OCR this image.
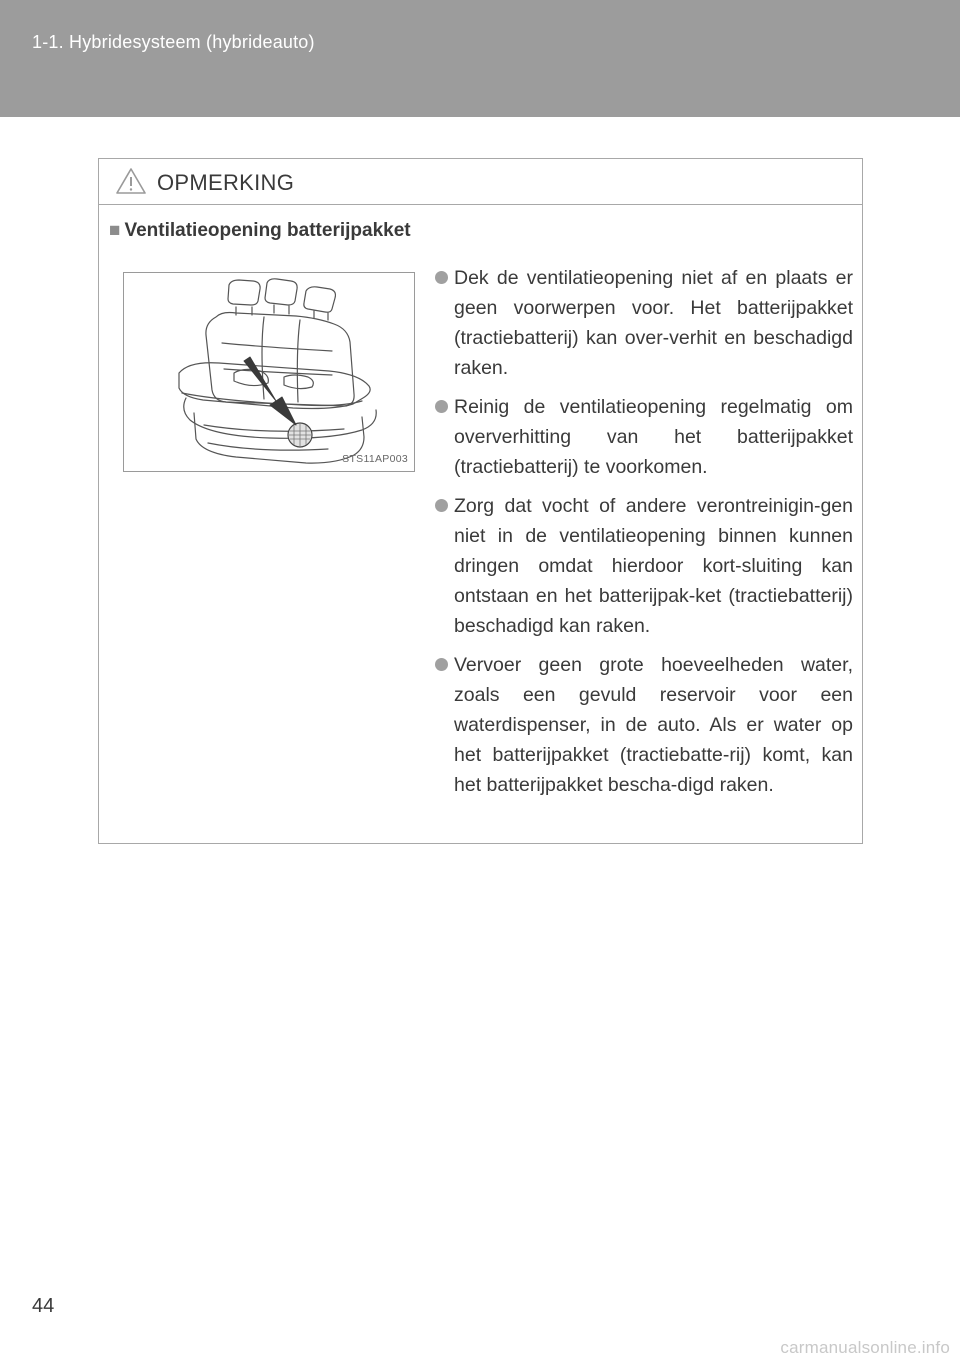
1-1. Hybridesysteem (hybrideauto)
OPMERKING
■ Ventilatieopening batterijpakket
STS11AP003
Dek de ventilatieopening niet af en plaats er geen voorwerpen voor. Het batterijpakket (tractiebatterij) kan over-verhit en beschadigd raken.
Reinig de ventilatieopening regelmatig om oververhitting van het batterijpakket (tractiebatterij) te voorkomen.
Zorg dat vocht of andere verontreinigin-gen niet in de ventilatieopening binnen kunnen dringen omdat hierdoor kort-sluiting kan ontstaan en het batterijpak-ket (tractiebatterij) beschadigd kan raken.
Vervoer geen grote hoeveelheden water, zoals een gevuld reservoir voor een waterdispenser, in de auto. Als er water op het batterijpakket (tractiebatte-rij) komt, kan het batterijpakket bescha-digd raken.
44
carmanualsonline.info
